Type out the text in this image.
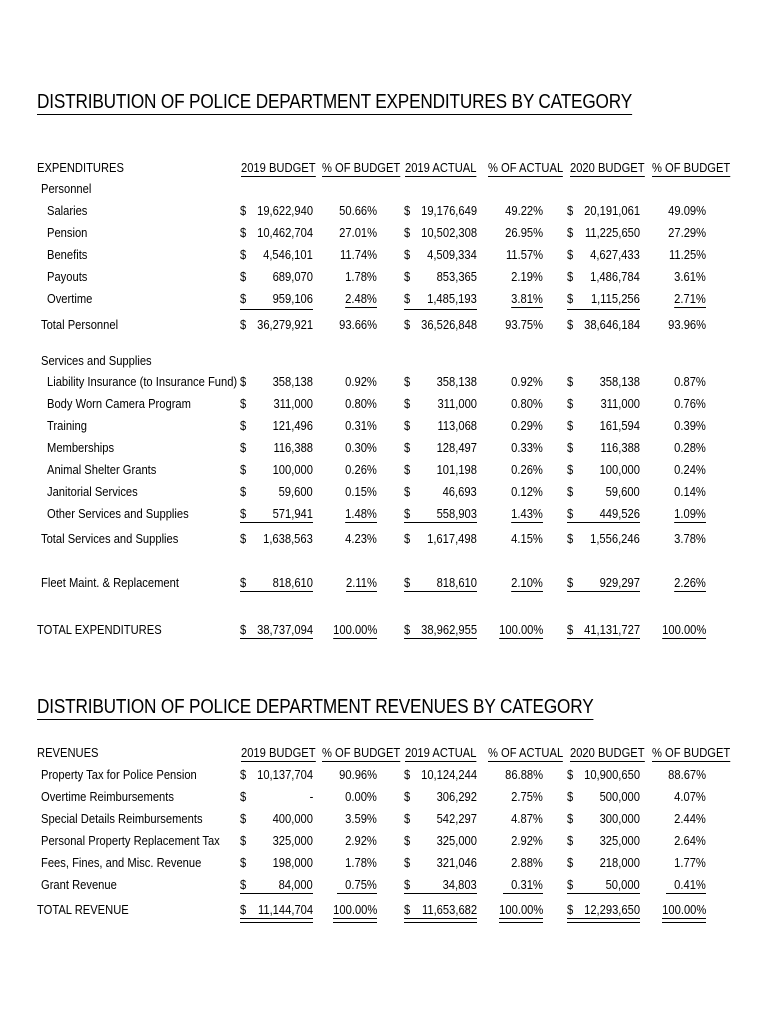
DISTRIBUTION OF POLICE DEPARTMENT EXPENDITURES BY CATEGORY
EXPENDITURES	2019 BUDGET % OF BUDGET 2019 ACTUAL % OF ACTUAL 2020 BUDGET % OF BUDGET
Personnel
Salaries	$ 19,622,940 50.66% $ 19,176,649 49.22% $ 20,191,061 49.09%
Pension	$ 10,462,704 27.01% $ 10,502,308 26.95% $ 11,225,650 27.29%
Benefits	$ 4,546,101 11.74% $ 4,509,334 11.57% $ 4,627,433 11.25%
Payouts	$ 689,070 1.78% $ 853,365	2.19% $ 1,486,784	3.61%
Overtime	$ 959,106 2.48% $ 1,485,193	3.81% $ 1,115,256	2.71%
Total Personnel	$ 36,279,921 93.66% $ 36,526,848 93.75% $ 38,646,184 93.96%
Services and Supplies
Liability Insurance (to Insurance Fund) $ 358,138 0.92% $ 358,138	0.92% $ 358,138	0.87%
Body Worn Camera Program	$ 311,000 0.80% $ 311,000	0.80% $ 311,000	0.76%
Training	$ 121,496 0.31% $ 113,068	0.29% $ 161,594	0.39%
Memberships	$ 116,388 0.30% $ 128,497	0.33% $ 116,388	0.28%
Animal Shelter Grants	$ 100,000 0.26% $ 101,198	0.26% $ 100,000	0.24%
Janitorial Services	$	59,600 0.15% $	46,693	0.12% $	59,600	0.14%
Other Services and Supplies	$ 571,941 1.48% $ 558,903	1.43% $ 449,526	1.09%
Total Services and Supplies	$ 1,638,563 4.23% $ 1,617,498	4.15% $ 1,556,246	3.78%
Fleet Maint. & Replacement	$ 818,610	2.11% $ 818,610	2.10% $ 929,297	2.26%
TOTAL EXPENDITURES	$ 38,737,094 100.00% $ 38,962,955 100.00% $ 41,131,727 100.00%
DISTRIBUTION OF POLICE DEPARTMENT REVENUES BY CATEGORY
REVENUES	2019 BUDGET % OF BUDGET 2019 ACTUAL % OF ACTUAL 2020 BUDGET % OF BUDGET
Property Tax for Police Pension	$ 10,137,704 90.96% $ 10,124,244 86.88% $ 10,900,650 88.67%
Overtime Reimbursements	$	- 0.00% $ 306,292	2.75% $ 500,000	4.07%
Special Details Reimbursements	$ 400,000 3.59% $ 542,297	4.87% $ 300,000	2.44%
Personal Property Replacement Tax $ 325,000 2.92% $ 325,000	2.92% $ 325,000	2.64%
Fees, Fines, and Misc. Revenue	$ 198,000 1.78% $ 321,046	2.88% $ 218,000	1.77%
Grant Revenue	$	84,000 0.75% $	34,803	0.31% $	50,000	0.41%
TOTAL REVENUE	$ 11,144,704 100.00% $ 11,653,682 100.00% $ 12,293,650 100.00%
